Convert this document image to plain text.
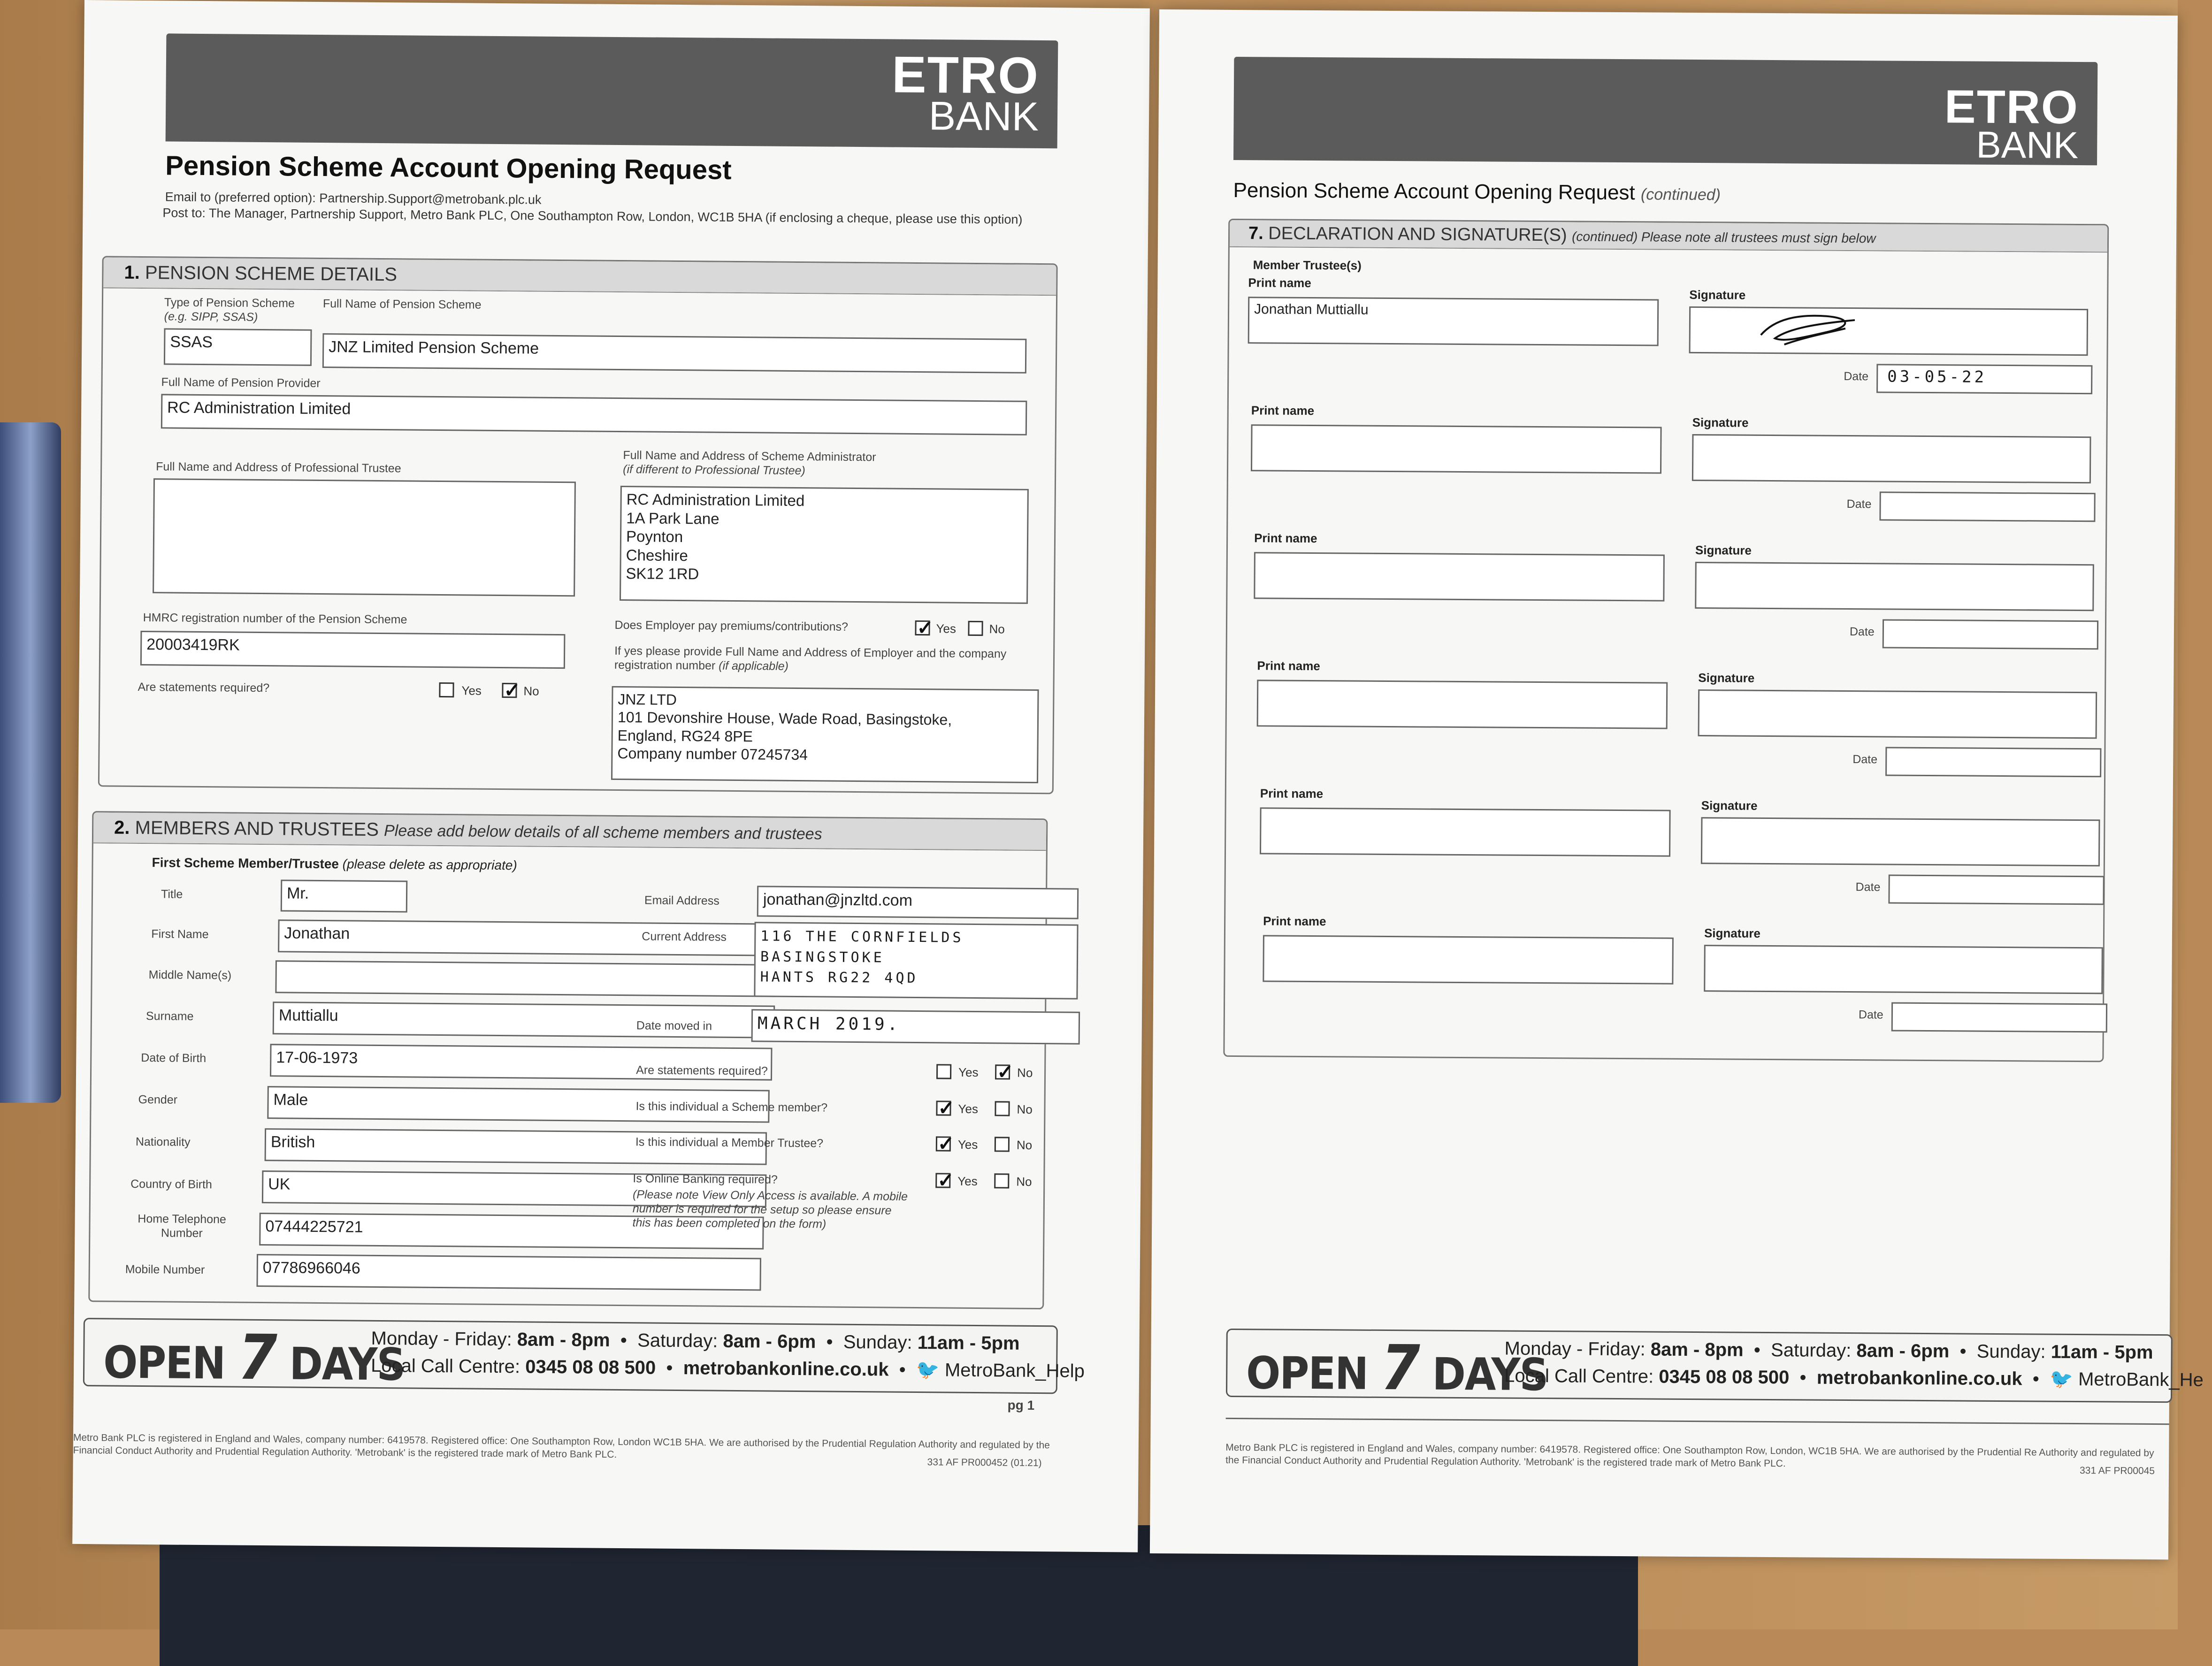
ETRO
BANK
Pension Scheme Account Opening Request
Email to (preferred option): Partnership.Support@metrobank.plc.uk
Post to: The Manager, Partnership Support, Metro Bank PLC, One Southampton Row, London, WC1B 5HA (if enclosing a cheque, please use this option)
1. PENSION SCHEME DETAILS
Type of Pension Scheme
(e.g. SIPP, SSAS)
SSAS
Full Name of Pension Scheme
JNZ Limited Pension Scheme
Full Name of Pension Provider
RC Administration Limited
Full Name and Address of Professional Trustee
Full Name and Address of Scheme Administrator
(if different to Professional Trustee)
RC Administration Limited
1A Park Lane
Poynton
Cheshire
SK12 1RD
HMRC registration number of the Pension Scheme
20003419RK
Are statements required?	Yes ✓	No
Does Employer pay premiums/contributions? ✓	Yes	No
If yes please provide Full Name and Address of Employer and the company registration number (if applicable)
JNZ LTD
101 Devonshire House, Wade Road, Basingstoke,
England, RG24 8PE
Company number 07245734
2. MEMBERS AND TRUSTEES Please add below details of all scheme members and trustees
First Scheme Member/Trustee (please delete as appropriate)
Title	Mr.
First Name	Jonathan
Middle Name(s)
Surname	Muttiallu
Date of Birth	17-06-1973
Gender	Male
Nationality	British
Country of Birth	UK
Home Telephone Number	07444225721
Mobile Number	07786966046
Email Address	jonathan@jnzltd.com
Current Address	116 THE CORNFIELDS
BASINGSTOKE
HANTS RG22 4QD
Date moved in	MARCH 2019.
Are statements required?	Yes ✓	No
Is this individual a Scheme member? ✓	Yes	No
Is this individual a Member Trustee? ✓	Yes	No
Is Online Banking required?
(Please note View Only Access is available. A mobile number is required for the setup so please ensure this has been completed on the form)
✓
Yes	No
OPEN 7 DAYS
Monday - Friday: 8am - 8pm  •  Saturday: 8am - 6pm  •  Sunday: 11am - 5pm
Local Call Centre: 0345 08 08 500  •  metrobankonline.co.uk  •  🐦 MetroBank_Help
pg 1
Metro Bank PLC is registered in England and Wales, company number: 6419578. Registered office: One Southampton Row, London WC1B 5HA. We are authorised by the Prudential Regulation Authority and regulated by the Financial Conduct Authority and Prudential Regulation Authority. 'Metrobank' is the registered trade mark of Metro Bank PLC.
331 AF PR000452 (01.21)
ETRO
BANK
Pension Scheme Account Opening Request (continued)
7. DECLARATION AND SIGNATURE(S) (continued) Please note all trustees must sign below
Member Trustee(s)
Print name
Jonathan Muttiallu
Signature
Date	03-05-22
Print name
Signature
Date
Print name
Signature
Date
Print name
Signature
Date
Print name
Signature
Date
Print name
Signature
Date
OPEN 7 DAYS
Monday - Friday: 8am - 8pm  •  Saturday: 8am - 6pm  •  Sunday: 11am - 5pm
Local Call Centre: 0345 08 08 500  •  metrobankonline.co.uk  •  🐦 MetroBank_He
Metro Bank PLC is registered in England and Wales, company number: 6419578. Registered office: One Southampton Row, London, WC1B 5HA. We are authorised by the Prudential Re Authority and regulated by the Financial Conduct Authority and Prudential Regulation Authority. 'Metrobank' is the registered trade mark of Metro Bank PLC.
331 AF PR00045
